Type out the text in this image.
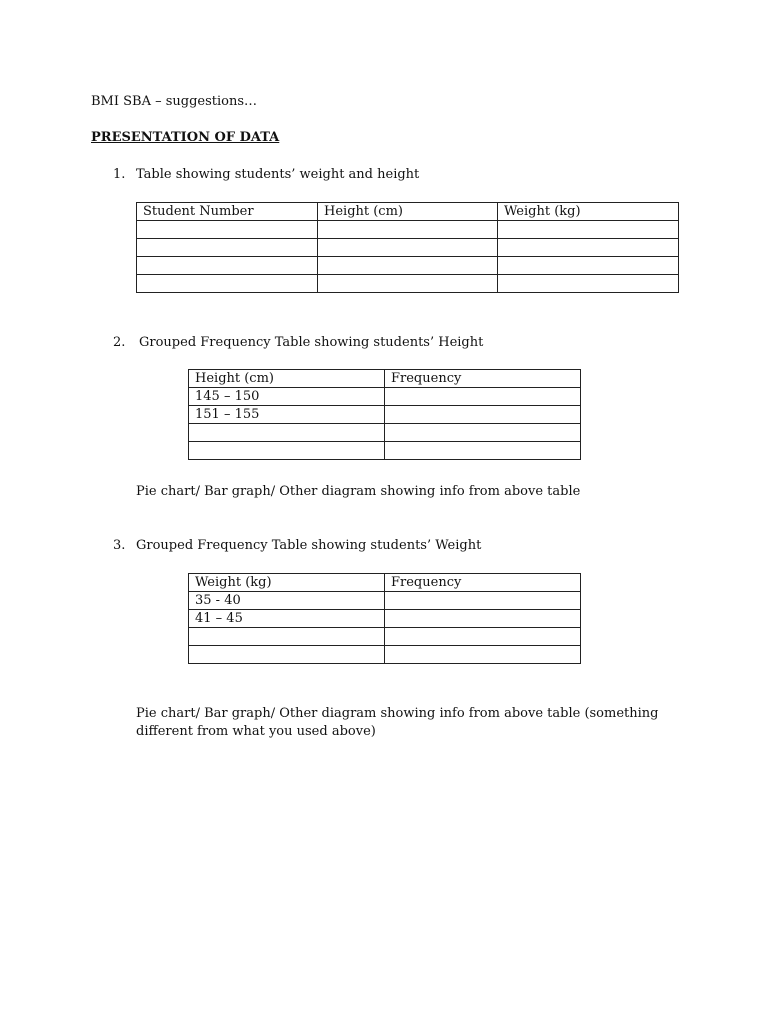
BMI SBA – suggestions…
PRESENTATION OF DATA
1. Table showing students’ weight and height
Student Number	Height (cm)	Weight (kg)

2. Grouped Frequency Table showing students’ Height
Height (cm)	Frequency
145 – 150	
151 – 155	

Pie chart/ Bar graph/ Other diagram showing info from above table
3. Grouped Frequency Table showing students’ Weight
Weight (kg)	Frequency
35 - 40	
41 – 45	

Pie chart/ Bar graph/ Other diagram showing info from above table (something
different from what you used above)
